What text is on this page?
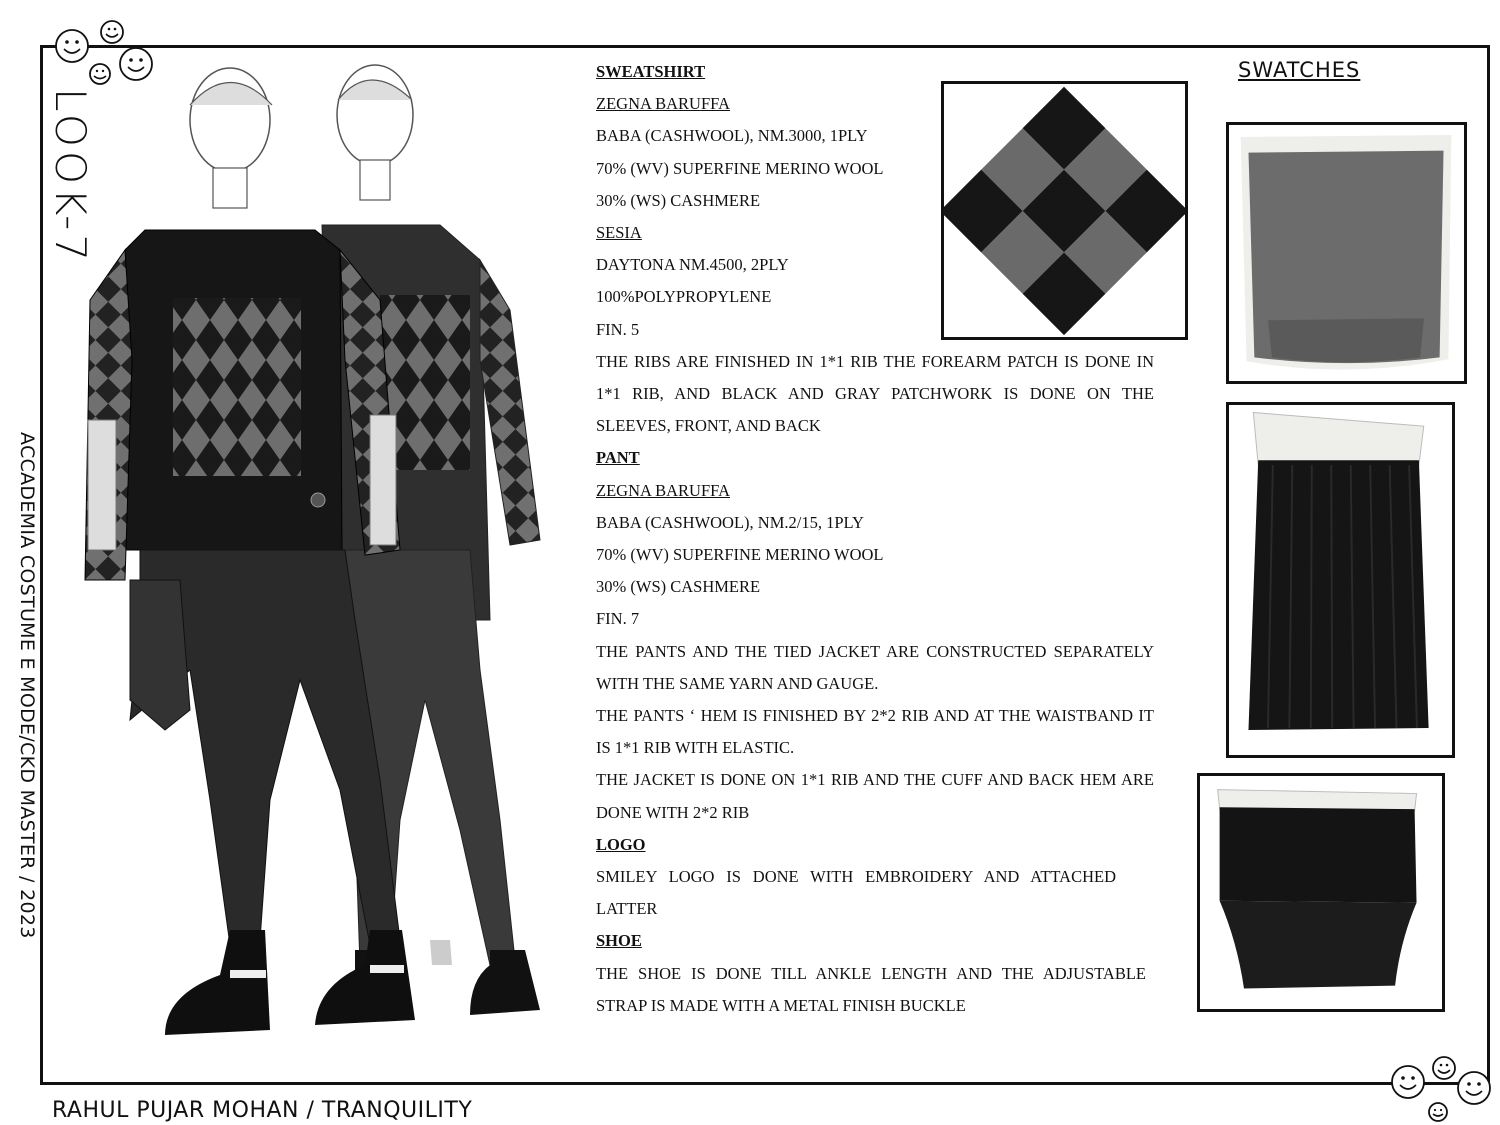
LOOK-7
ACCADEMIA COSTUME E MODE/CKD MASTER / 2023
RAHUL PUJAR MOHAN / TRANQUILITY
SWEATSHIRT
ZEGNA BARUFFA
BABA (CASHWOOL), NM.3000, 1PLY
70% (WV) SUPERFINE MERINO WOOL
30% (WS) CASHMERE
SESIA
DAYTONA NM.4500, 2PLY
100%POLYPROPYLENE
FIN. 5
THE RIBS ARE FINISHED IN 1*1 RIB THE FOREARM PATCH IS DONE IN 1*1 RIB, AND BLACK AND GRAY PATCHWORK IS DONE ON THE SLEEVES, FRONT, AND BACK
PANT
ZEGNA BARUFFA
BABA (CASHWOOL), NM.2/15, 1PLY
70% (WV) SUPERFINE MERINO WOOL
30% (WS) CASHMERE
FIN. 7
THE PANTS AND THE TIED JACKET ARE CONSTRUCTED SEPARATELY WITH THE SAME YARN AND GAUGE.
THE PANTS ‘ HEM IS FINISHED BY 2*2 RIB AND AT THE WAISTBAND IT IS 1*1 RIB WITH ELASTIC.
THE JACKET IS DONE ON 1*1 RIB AND THE CUFF AND BACK HEM ARE DONE WITH 2*2 RIB
LOGO
SMILEY LOGO IS DONE WITH EMBROIDERY AND ATTACHED LATTER
SHOE
THE SHOE IS DONE TILL ANKLE LENGTH AND THE ADJUSTABLE STRAP IS MADE WITH A METAL FINISH BUCKLE
SWATCHES
